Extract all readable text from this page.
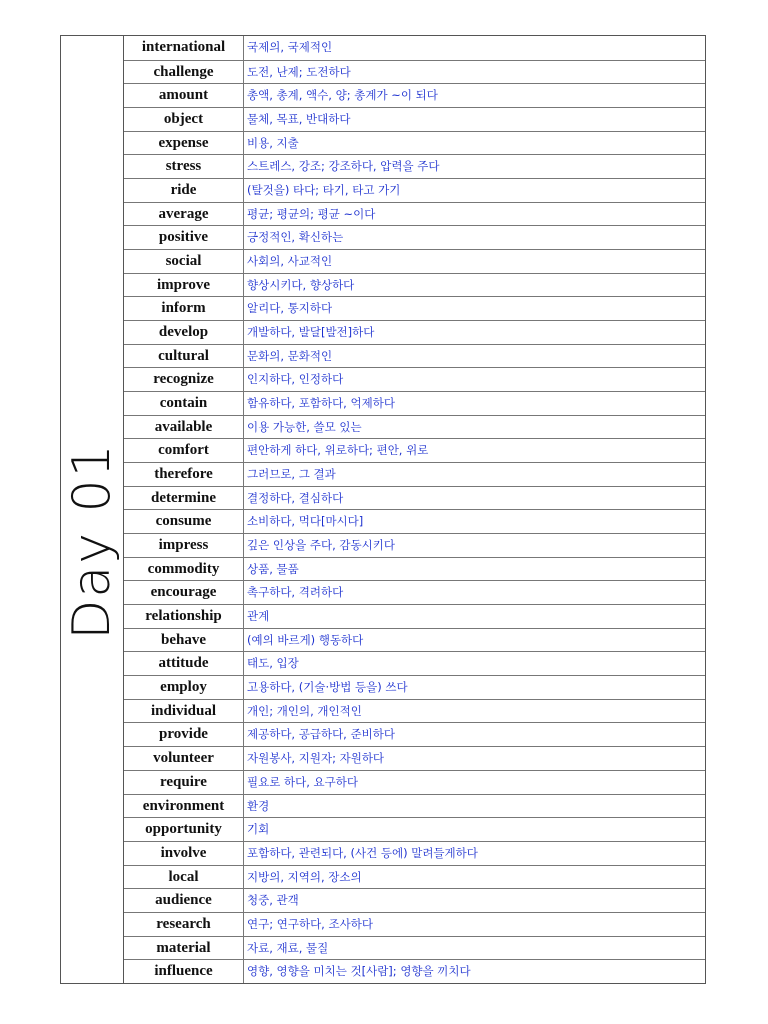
Day 01
international	국제의, 국제적인
challenge	도전, 난제; 도전하다
amount	총액, 총계, 액수, 양; 총계가 ~이 되다
object	물체, 목표, 반대하다
expense	비용, 지출
stress	스트레스, 강조; 강조하다, 압력을 주다
ride	(탈것을) 타다; 타기, 타고 가기
average	평균; 평균의; 평균 ~이다
positive	긍정적인, 확신하는
social	사회의, 사교적인
improve	향상시키다, 향상하다
inform	알리다, 통지하다
develop	개발하다, 발달[발전]하다
cultural	문화의, 문화적인
recognize	인지하다, 인정하다
contain	함유하다, 포함하다, 억제하다
available	이용 가능한, 쓸모 있는
comfort	편안하게 하다, 위로하다; 편안, 위로
therefore	그러므로, 그 결과
determine	결정하다, 결심하다
consume	소비하다, 먹다[마시다]
impress	깊은 인상을 주다, 감동시키다
commodity	상품, 물품
encourage	촉구하다, 격려하다
relationship	관계
behave	(예의 바르게) 행동하다
attitude	태도, 입장
employ	고용하다, (기술·방법 등을) 쓰다
individual	개인; 개인의, 개인적인
provide	제공하다, 공급하다, 준비하다
volunteer	자원봉사, 지원자; 자원하다
require	필요로 하다, 요구하다
environment	환경
opportunity	기회
involve	포함하다, 관련되다, (사건 등에) 말려들게하다
local	지방의, 지역의, 장소의
audience	청중, 관객
research	연구; 연구하다, 조사하다
material	자료, 재료, 물질
influence	영향, 영향을 미치는 것[사람]; 영향을 끼치다
